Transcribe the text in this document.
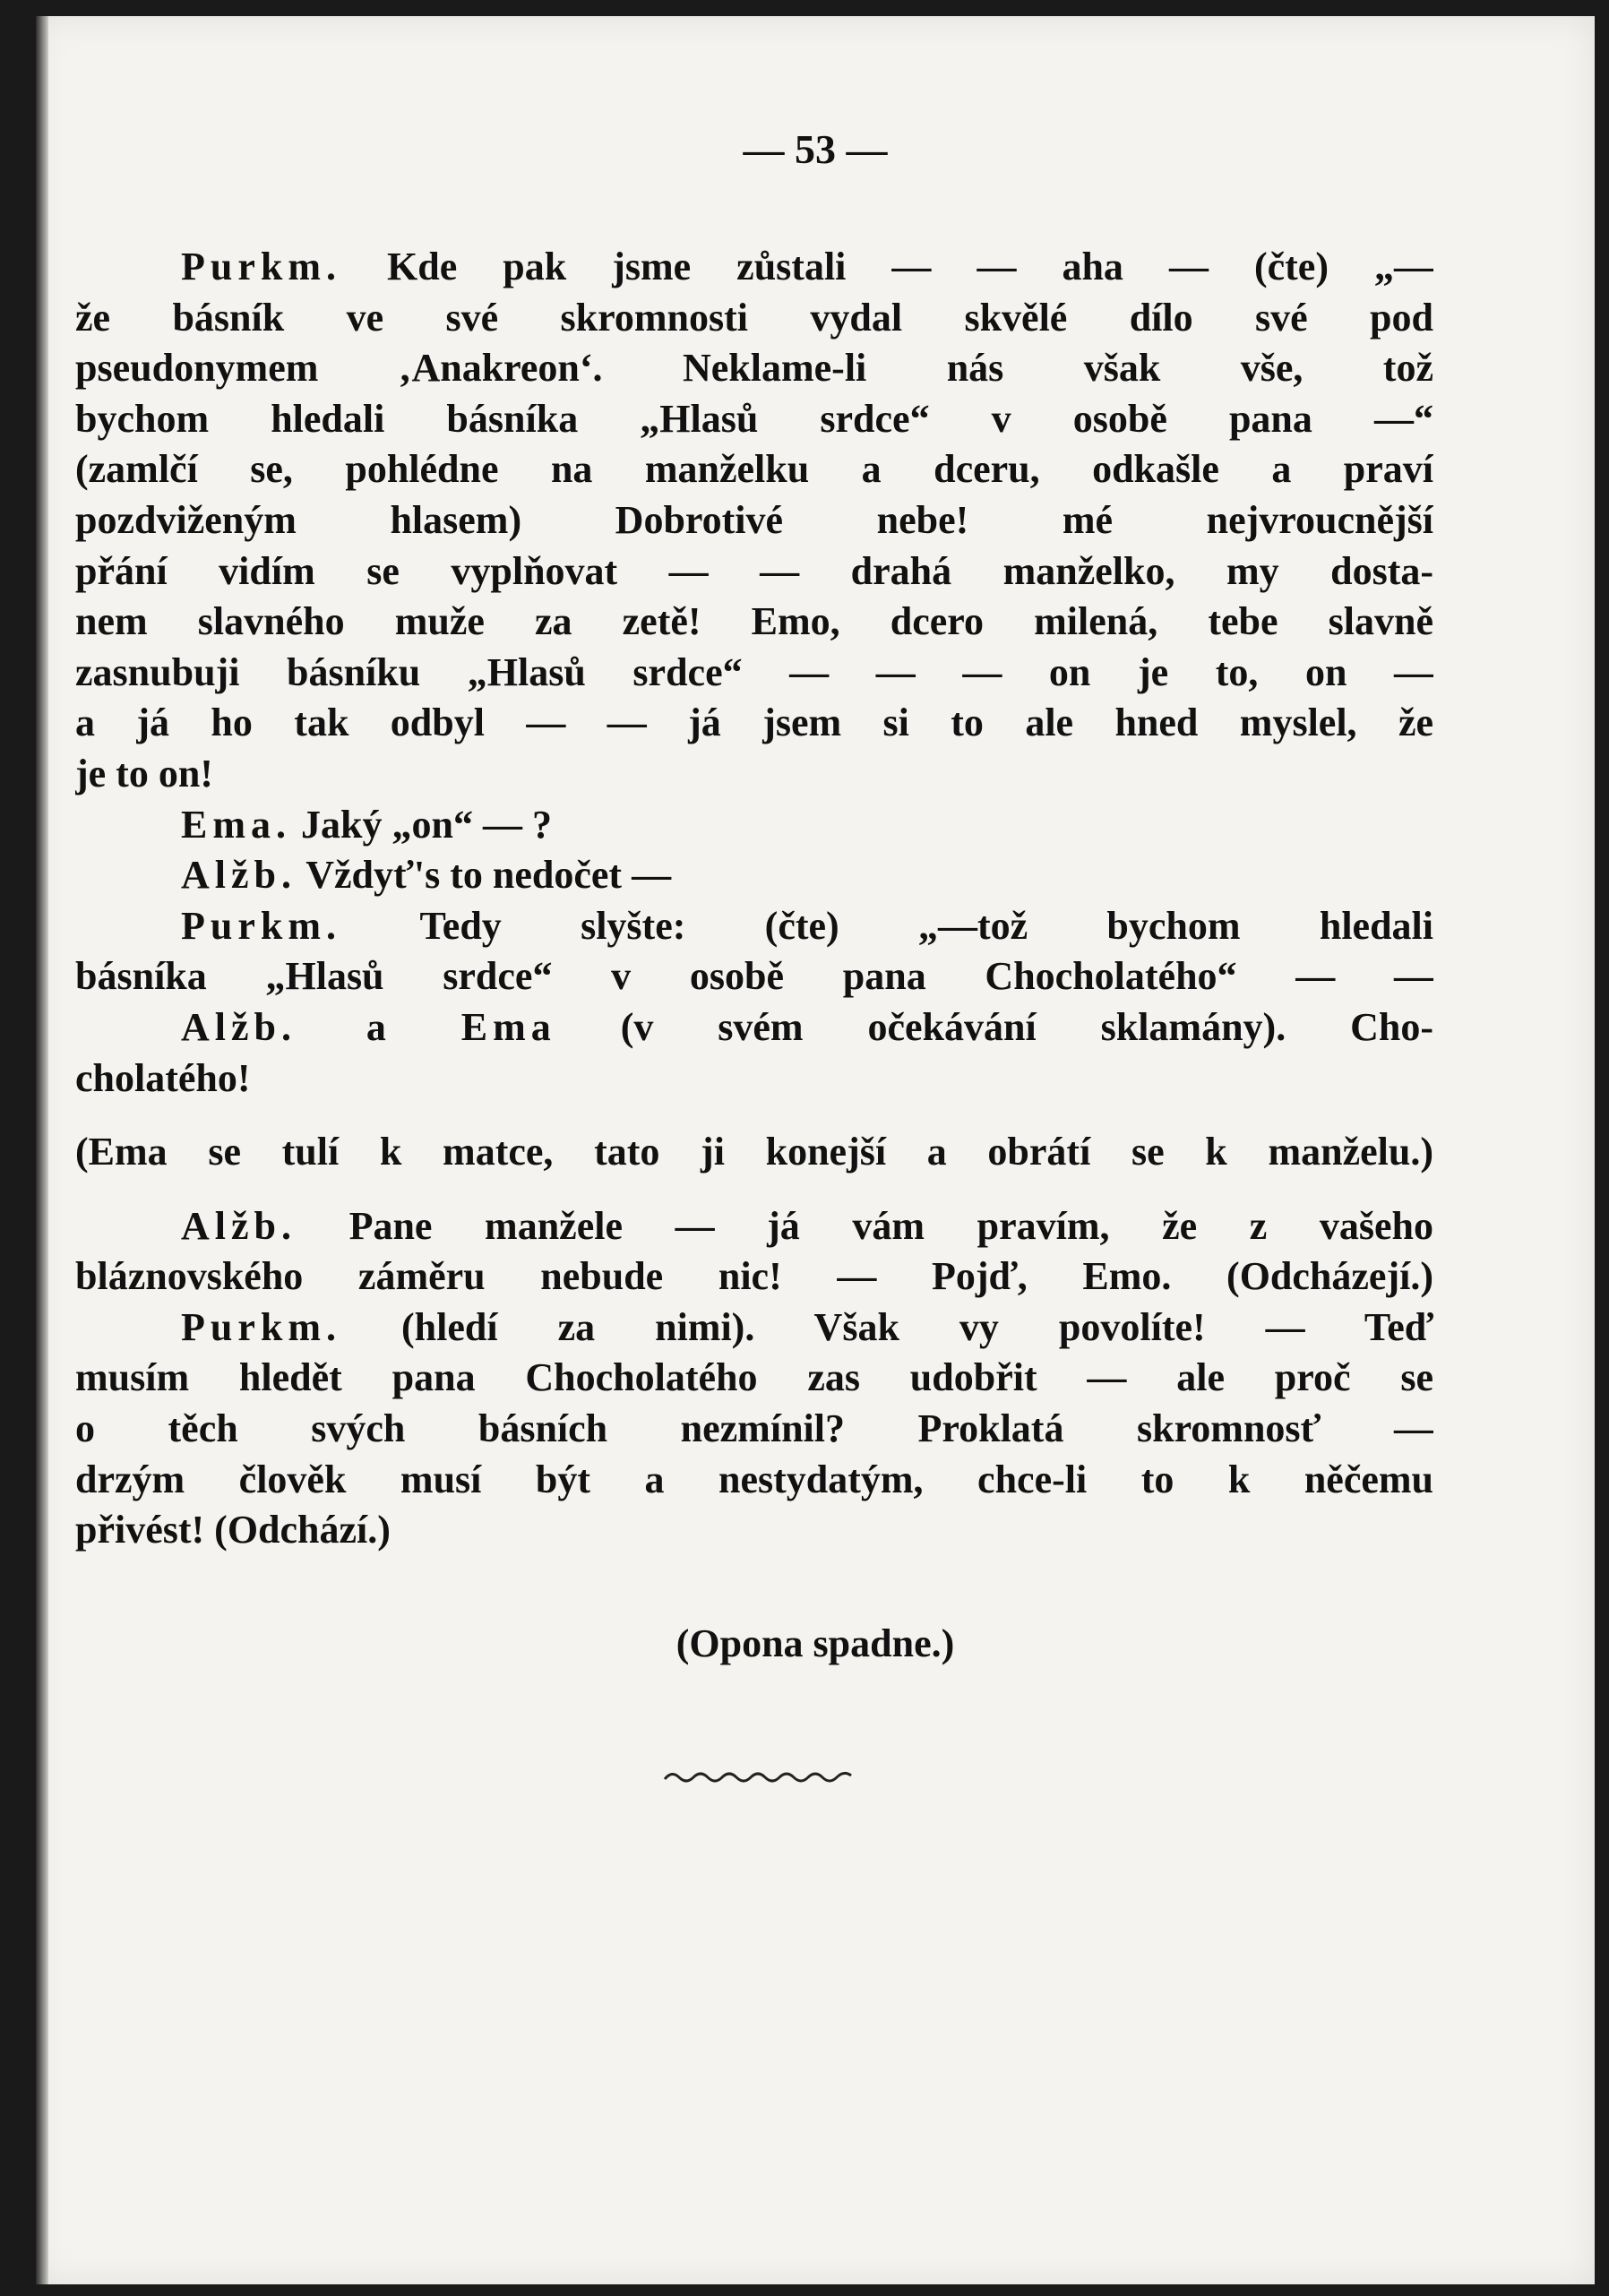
— 53 —
Purkm. Kde pak jsme zůstali — — aha — (čte) „—
že básník ve své skromnosti vydal skvělé dílo své pod
pseudonymem ‚Anakreon‘. Neklame-li nás však vše, tož
bychom hledali básníka „Hlasů srdce“ v osobě pana —“
(zamlčí se, pohlédne na manželku a dceru, odkašle a praví
pozdviženým hlasem) Dobrotivé nebe! mé nejvroucnější
přání vidím se vyplňovat — — drahá manželko, my dosta-
nem slavného muže za zetě! Emo, dcero milená, tebe slavně
zasnubuji básníku „Hlasů srdce“ — — — on je to, on —
a já ho tak odbyl — — já jsem si to ale hned myslel, že
je to on!
Ema. Jaký „on“ — ?
Alžb. Vždyť's to nedočet —
Purkm. Tedy slyšte: (čte) „—tož bychom hledali
básníka „Hlasů srdce“ v osobě pana Chocholatého“ — —
Alžb. a Ema (v svém očekávání sklamány). Cho-
cholatého!
(Ema se tulí k matce, tato ji konejší a obrátí se k manželu.)
Alžb. Pane manžele — já vám pravím, že z vašeho
bláznovského záměru nebude nic! — Pojď, Emo. (Odcházejí.)
Purkm. (hledí za nimi). Však vy povolíte! — Teď
musím hledět pana Chocholatého zas udobřit — ale proč se
o těch svých básních nezmínil? Proklatá skromnosť —
drzým člověk musí být a nestydatým, chce-li to k něčemu
přivést! (Odchází.)
(Opona spadne.)
